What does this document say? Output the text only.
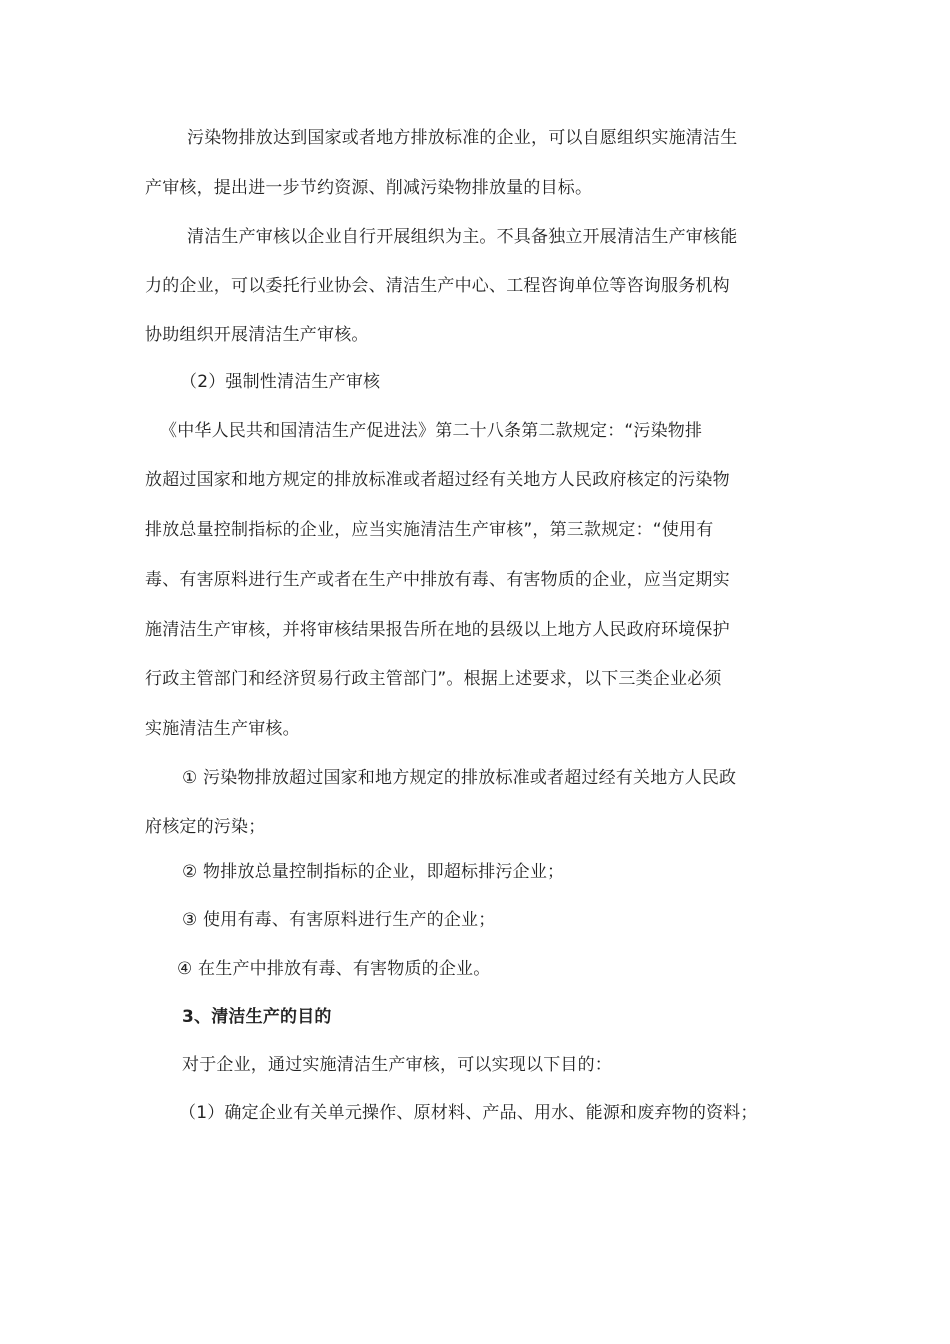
污染物排放达到国家或者地方排放标准的企业，可以自愿组织实施清洁生
产审核，提出进一步节约资源、削减污染物排放量的目标。
清洁生产审核以企业自行开展组织为主。不具备独立开展清洁生产审核能
力的企业，可以委托行业协会、清洁生产中心、工程咨询单位等咨询服务机构
协助组织开展清洁生产审核。
（2）强制性清洁生产审核
《中华人民共和国清洁生产促进法》第二十八条第二款规定：“污染物排
放超过国家和地方规定的排放标准或者超过经有关地方人民政府核定的污染物
排放总量控制指标的企业，应当实施清洁生产审核”，第三款规定：“使用有
毒、有害原料进行生产或者在生产中排放有毒、有害物质的企业，应当定期实
施清洁生产审核，并将审核结果报告所在地的县级以上地方人民政府环境保护
行政主管部门和经济贸易行政主管部门”。根据上述要求，以下三类企业必须
实施清洁生产审核。
① 污染物排放超过国家和地方规定的排放标准或者超过经有关地方人民政
府核定的污染；
② 物排放总量控制指标的企业，即超标排污企业；
③ 使用有毒、有害原料进行生产的企业；
④ 在生产中排放有毒、有害物质的企业。
3、清洁生产的目的
对于企业，通过实施清洁生产审核，可以实现以下目的：
（1）确定企业有关单元操作、原材料、产品、用水、能源和废弃物的资料；
